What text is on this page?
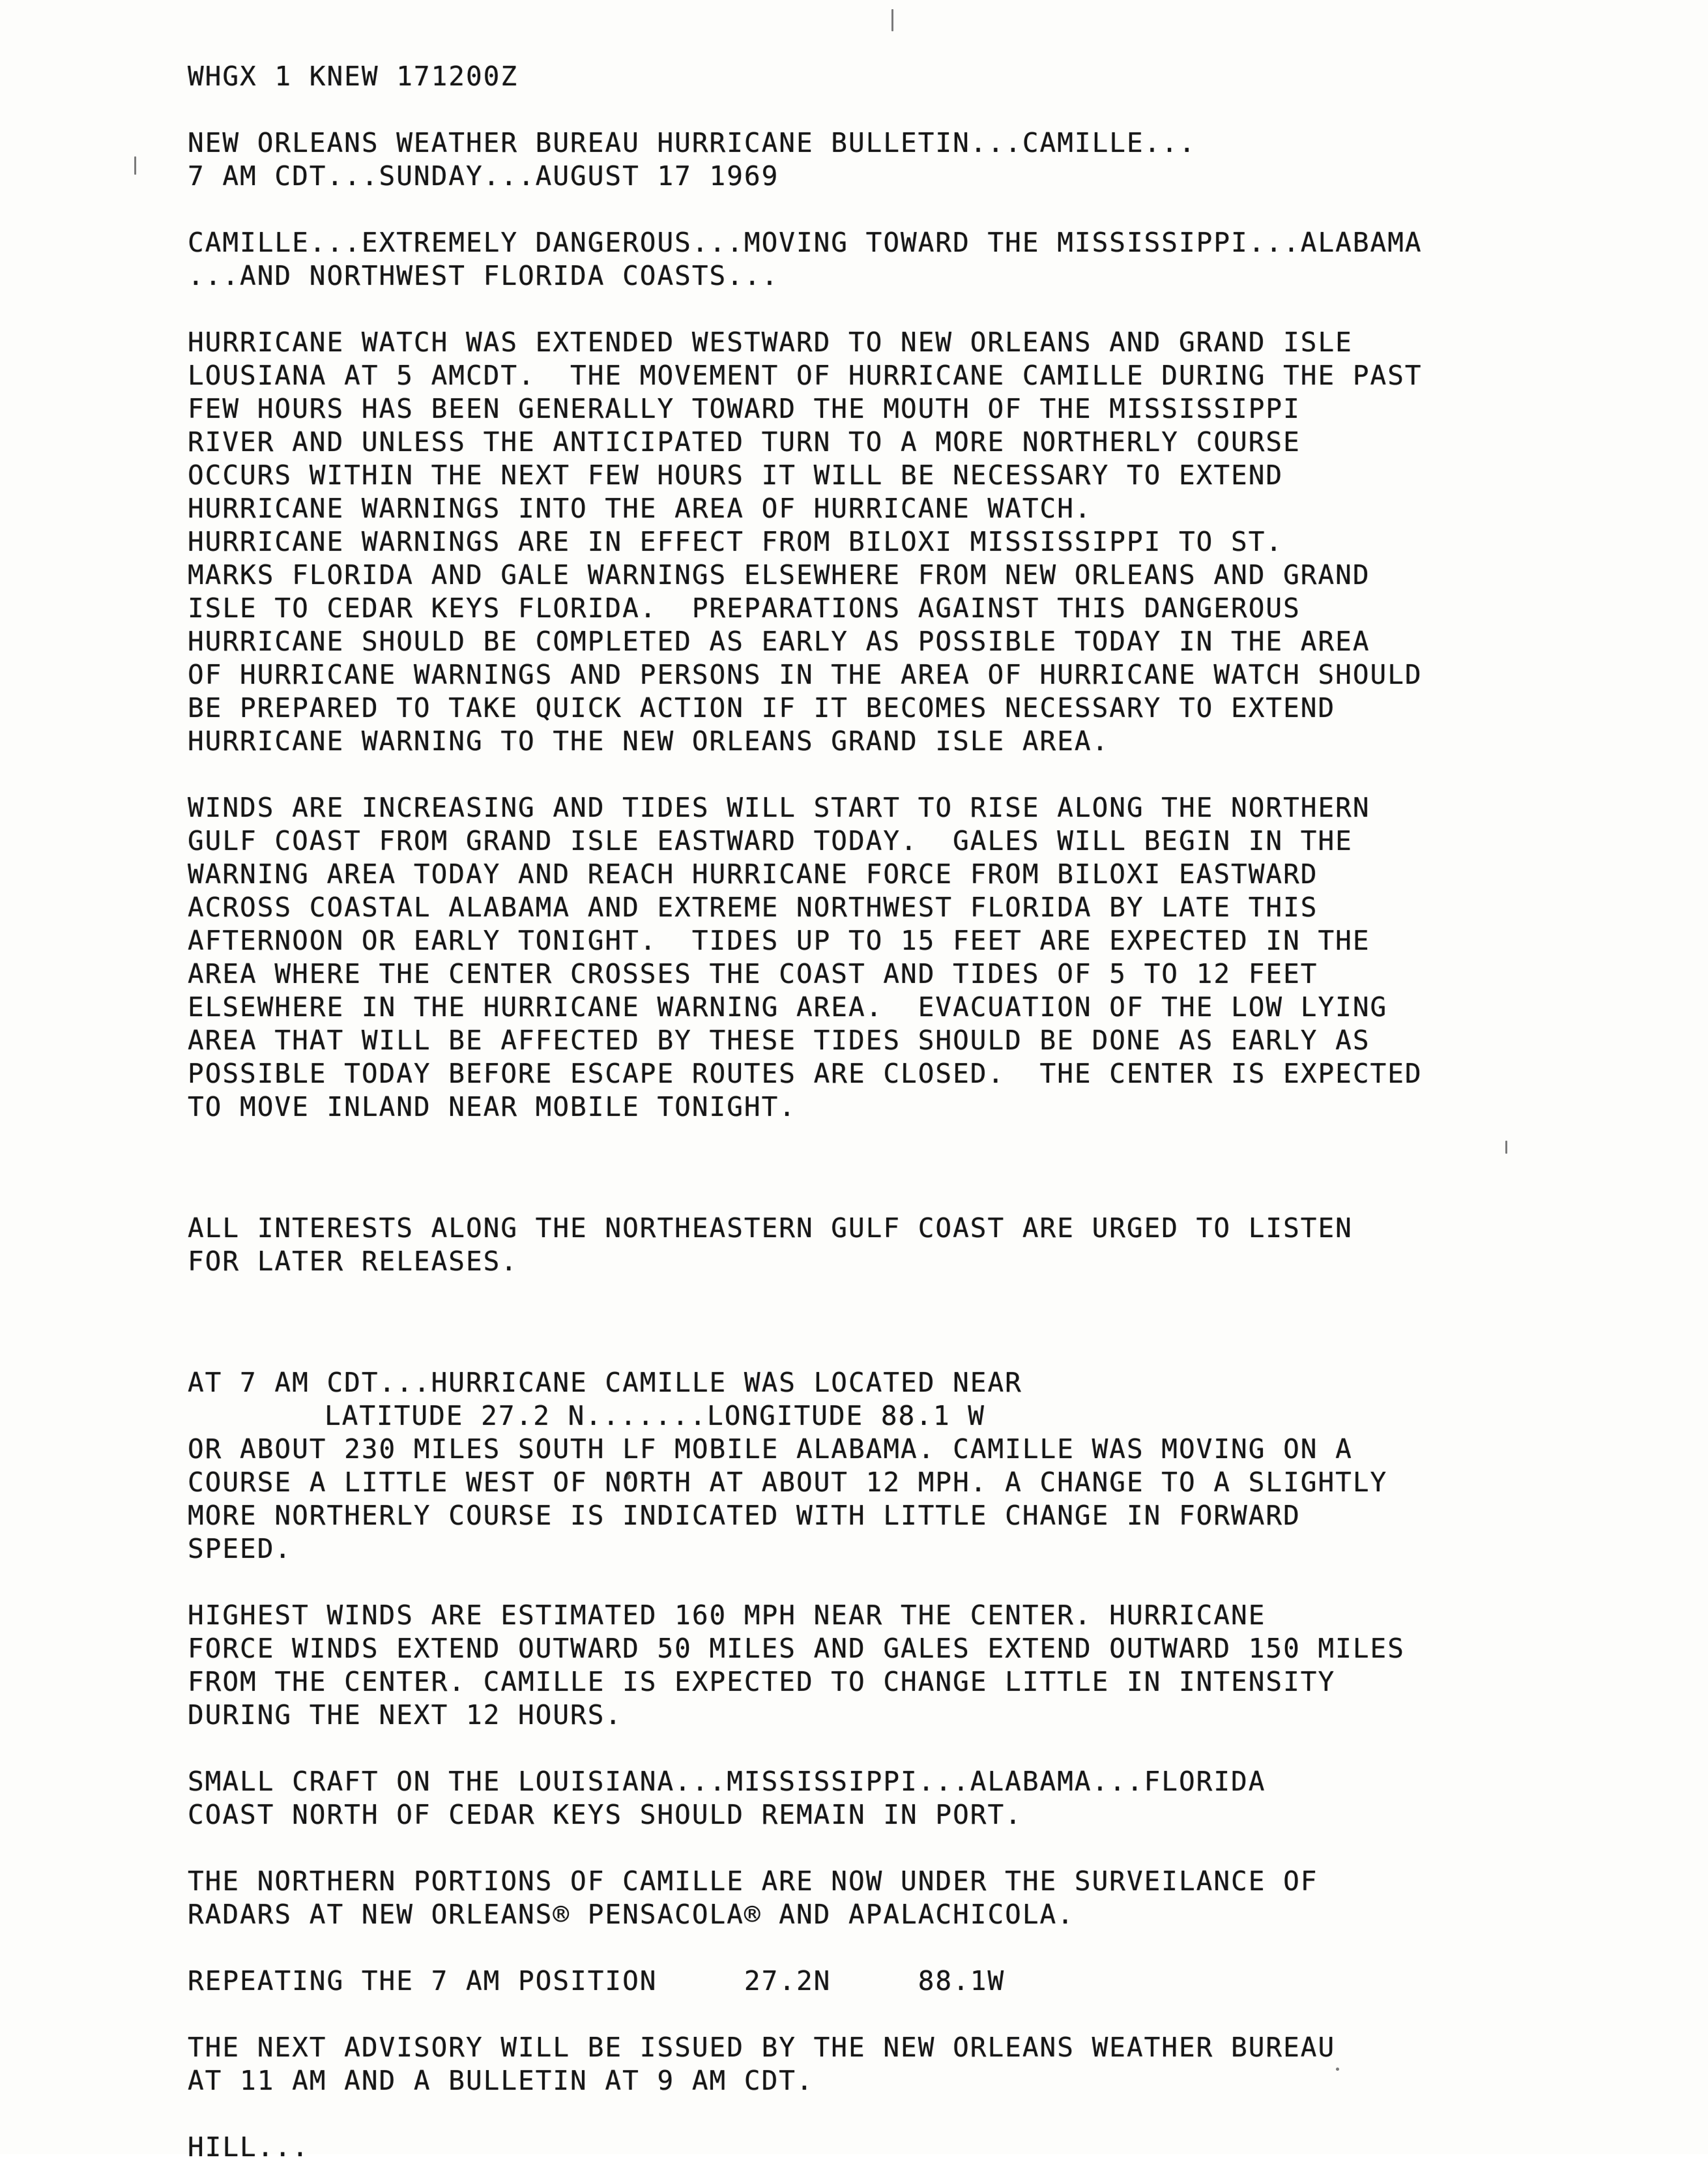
WHGX 1 KNEW 171200Z
NEW ORLEANS WEATHER BUREAU HURRICANE BULLETIN...CAMILLE...
7 AM CDT...SUNDAY...AUGUST 17 1969
CAMILLE...EXTREMELY DANGEROUS...MOVING TOWARD THE MISSISSIPPI...ALABAMA
...AND NORTHWEST FLORIDA COASTS...
HURRICANE WATCH WAS EXTENDED WESTWARD TO NEW ORLEANS AND GRAND ISLE
LOUSIANA AT 5 AMCDT.  THE MOVEMENT OF HURRICANE CAMILLE DURING THE PAST
FEW HOURS HAS BEEN GENERALLY TOWARD THE MOUTH OF THE MISSISSIPPI
RIVER AND UNLESS THE ANTICIPATED TURN TO A MORE NORTHERLY COURSE
OCCURS WITHIN THE NEXT FEW HOURS IT WILL BE NECESSARY TO EXTEND
HURRICANE WARNINGS INTO THE AREA OF HURRICANE WATCH.
HURRICANE WARNINGS ARE IN EFFECT FROM BILOXI MISSISSIPPI TO ST.
MARKS FLORIDA AND GALE WARNINGS ELSEWHERE FROM NEW ORLEANS AND GRAND
ISLE TO CEDAR KEYS FLORIDA.  PREPARATIONS AGAINST THIS DANGEROUS
HURRICANE SHOULD BE COMPLETED AS EARLY AS POSSIBLE TODAY IN THE AREA
OF HURRICANE WARNINGS AND PERSONS IN THE AREA OF HURRICANE WATCH SHOULD
BE PREPARED TO TAKE QUICK ACTION IF IT BECOMES NECESSARY TO EXTEND
HURRICANE WARNING TO THE NEW ORLEANS GRAND ISLE AREA.
WINDS ARE INCREASING AND TIDES WILL START TO RISE ALONG THE NORTHERN
GULF COAST FROM GRAND ISLE EASTWARD TODAY.  GALES WILL BEGIN IN THE
WARNING AREA TODAY AND REACH HURRICANE FORCE FROM BILOXI EASTWARD
ACROSS COASTAL ALABAMA AND EXTREME NORTHWEST FLORIDA BY LATE THIS
AFTERNOON OR EARLY TONIGHT.  TIDES UP TO 15 FEET ARE EXPECTED IN THE
AREA WHERE THE CENTER CROSSES THE COAST AND TIDES OF 5 TO 12 FEET
ELSEWHERE IN THE HURRICANE WARNING AREA.  EVACUATION OF THE LOW LYING
AREA THAT WILL BE AFFECTED BY THESE TIDES SHOULD BE DONE AS EARLY AS
POSSIBLE TODAY BEFORE ESCAPE ROUTES ARE CLOSED.  THE CENTER IS EXPECTED
TO MOVE INLAND NEAR MOBILE TONIGHT.
ALL INTERESTS ALONG THE NORTHEASTERN GULF COAST ARE URGED TO LISTEN
FOR LATER RELEASES.
AT 7 AM CDT...HURRICANE CAMILLE WAS LOCATED NEAR
LATITUDE 27.2 N.......LONGITUDE 88.1 W
OR ABOUT 230 MILES SOUTH LF MOBILE ALABAMA. CAMILLE WAS MOVING ON A
COURSE A LITTLE WEST OF NORTH AT ABOUT 12 MPH. A CHANGE TO A SLIGHTLY
MORE NORTHERLY COURSE IS INDICATED WITH LITTLE CHANGE IN FORWARD
SPEED.
HIGHEST WINDS ARE ESTIMATED 160 MPH NEAR THE CENTER. HURRICANE
FORCE WINDS EXTEND OUTWARD 50 MILES AND GALES EXTEND OUTWARD 150 MILES
FROM THE CENTER. CAMILLE IS EXPECTED TO CHANGE LITTLE IN INTENSITY
DURING THE NEXT 12 HOURS.
SMALL CRAFT ON THE LOUISIANA...MISSISSIPPI...ALABAMA...FLORIDA
COAST NORTH OF CEDAR KEYS SHOULD REMAIN IN PORT.
THE NORTHERN PORTIONS OF CAMILLE ARE NOW UNDER THE SURVEILANCE OF
RADARS AT NEW ORLEANS® PENSACOLA® AND APALACHICOLA.
REPEATING THE 7 AM POSITION     27.2N     88.1W
THE NEXT ADVISORY WILL BE ISSUED BY THE NEW ORLEANS WEATHER BUREAU
AT 11 AM AND A BULLETIN AT 9 AM CDT.
HILL...
